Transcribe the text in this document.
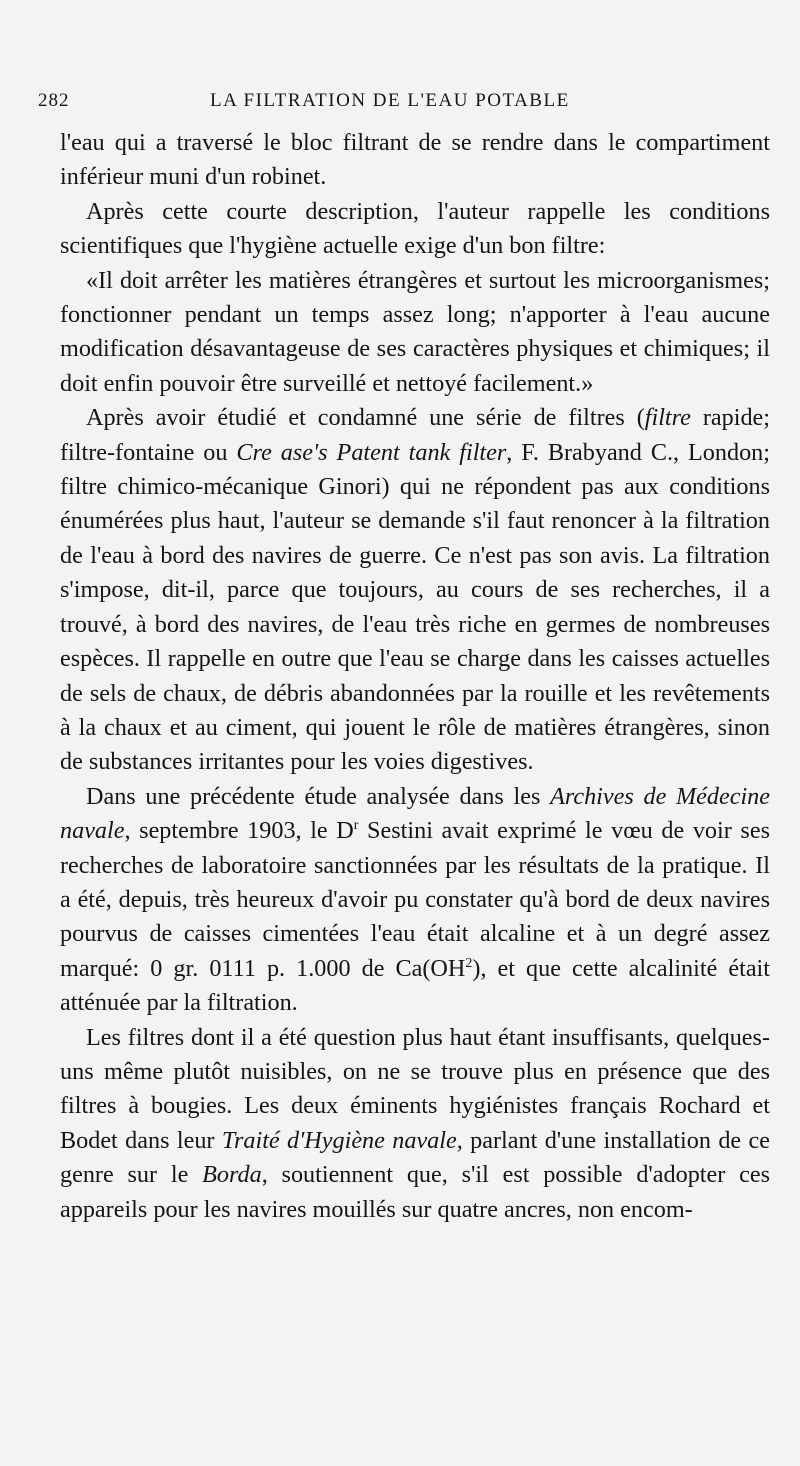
282	LA FILTRATION DE L'EAU POTABLE

l'eau qui a traversé le bloc filtrant de se rendre dans le compartiment inférieur muni d'un robinet.

Après cette courte description, l'auteur rappelle les conditions scientifiques que l'hygiène actuelle exige d'un bon filtre:

«Il doit arrêter les matières étrangères et surtout les microorganismes; fonctionner pendant un temps assez long; n'apporter à l'eau aucune modification désavantageuse de ses caractères physiques et chimiques; il doit enfin pouvoir être surveillé et nettoyé facilement.»

Après avoir étudié et condamné une série de filtres (filtre rapide; filtre-fontaine ou Cre ase's Patent tank filter, F. Brabyand C., London; filtre chimico-mécanique Ginori) qui ne répondent pas aux conditions énumérées plus haut, l'auteur se demande s'il faut renoncer à la filtration de l'eau à bord des navires de guerre. Ce n'est pas son avis. La filtration s'impose, dit-il, parce que toujours, au cours de ses recherches, il a trouvé, à bord des navires, de l'eau très riche en germes de nombreuses espèces. Il rappelle en outre que l'eau se charge dans les caisses actuelles de sels de chaux, de débris abandonnées par la rouille et les revêtements à la chaux et au ciment, qui jouent le rôle de matières étrangères, sinon de substances irritantes pour les voies digestives.

Dans une précédente étude analysée dans les Archives de Médecine navale, septembre 1903, le $D^r$ Sestini avait exprimé le vœu de voir ses recherches de laboratoire sanctionnées par les résultats de la pratique. Il a été, depuis, très heureux d'avoir pu constater qu'à bord de deux navires pourvus de caisses cimentées l'eau était alcaline et à un degré assez marqué: 0 gr. 0111 p. 1.000 de $Ca(OH^2)$, et que cette alcalinité était atténuée par la filtration.

Les filtres dont il a été question plus haut étant insuffisants, quelques-uns même plutôt nuisibles, on ne se trouve plus en présence que des filtres à bougies. Les deux éminents hygiénistes français Rochard et Bodet dans leur Traité d'Hygiène navale, parlant d'une installation de ce genre sur le Borda, soutiennent que, s'il est possible d'adopter ces appareils pour les navires mouillés sur quatre ancres, non encom-
